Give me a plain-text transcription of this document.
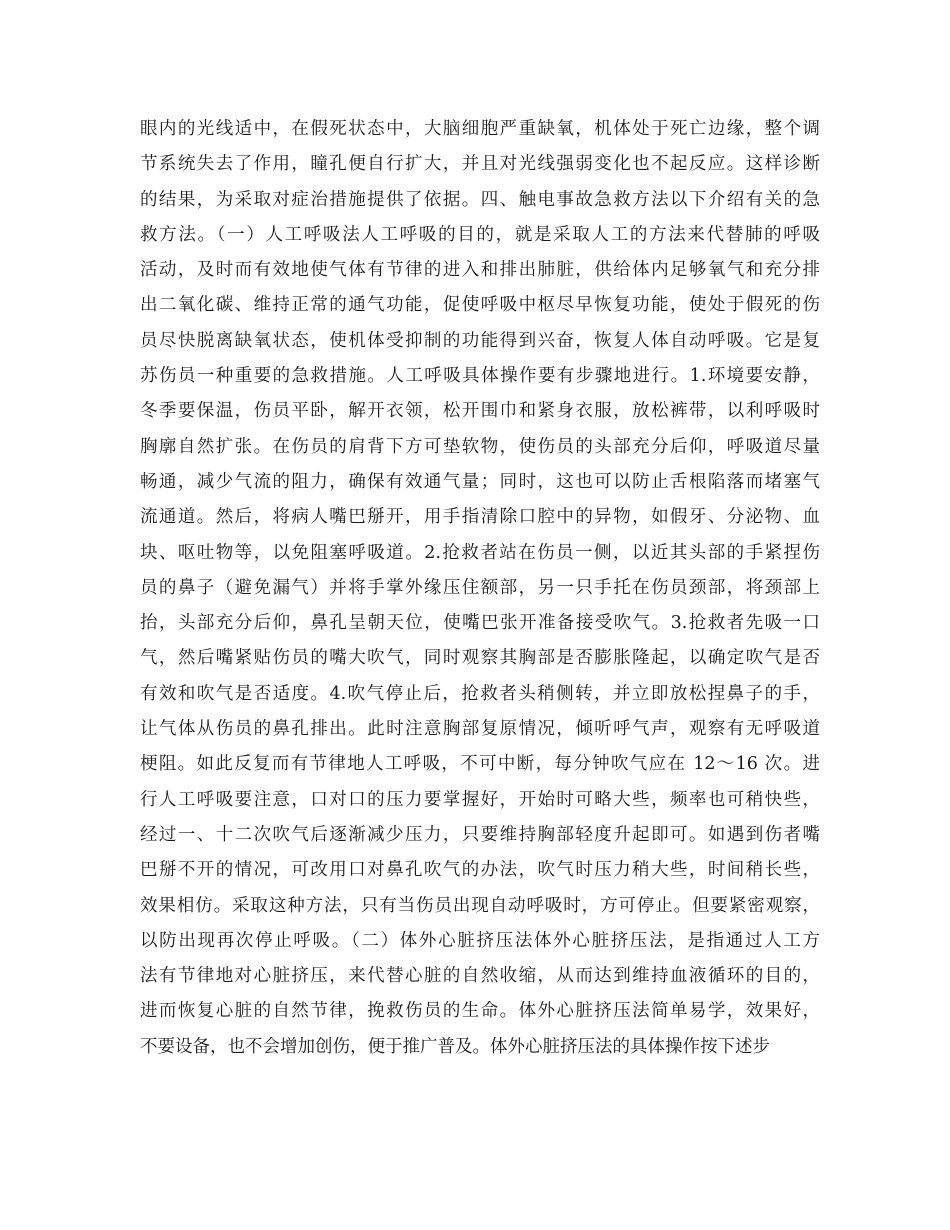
眼内的光线适中，在假死状态中，大脑细胞严重缺氧，机体处于死亡边缘，整个调
节系统失去了作用，瞳孔便自行扩大，并且对光线强弱变化也不起反应。这样诊断
的结果，为采取对症治措施提供了依据。四、触电事故急救方法以下介绍有关的急
救方法。（一）人工呼吸法人工呼吸的目的，就是采取人工的方法来代替肺的呼吸
活动，及时而有效地使气体有节律的进入和排出肺脏，供给体内足够氧气和充分排
出二氧化碳、维持正常的通气功能，促使呼吸中枢尽早恢复功能，使处于假死的伤
员尽快脱离缺氧状态，使机体受抑制的功能得到兴奋，恢复人体自动呼吸。它是复
苏伤员一种重要的急救措施。人工呼吸具体操作要有步骤地进行。1.环境要安静，
冬季要保温，伤员平卧，解开衣领，松开围巾和紧身衣服，放松裤带，以利呼吸时
胸廓自然扩张。在伤员的肩背下方可垫软物，使伤员的头部充分后仰，呼吸道尽量
畅通，减少气流的阻力，确保有效通气量；同时，这也可以防止舌根陷落而堵塞气
流通道。然后，将病人嘴巴掰开，用手指清除口腔中的异物，如假牙、分泌物、血
块、呕吐物等，以免阻塞呼吸道。2.抢救者站在伤员一侧，以近其头部的手紧捏伤
员的鼻子（避免漏气）并将手掌外缘压住额部，另一只手托在伤员颈部，将颈部上
抬，头部充分后仰，鼻孔呈朝天位，使嘴巴张开准备接受吹气。3.抢救者先吸一口
气，然后嘴紧贴伤员的嘴大吹气，同时观察其胸部是否膨胀隆起，以确定吹气是否
有效和吹气是否适度。4.吹气停止后，抢救者头稍侧转，并立即放松捏鼻子的手，
让气体从伤员的鼻孔排出。此时注意胸部复原情况，倾听呼气声，观察有无呼吸道
梗阻。如此反复而有节律地人工呼吸，不可中断，每分钟吹气应在 12～16 次。进
行人工呼吸要注意，口对口的压力要掌握好，开始时可略大些，频率也可稍快些，
经过一、十二次吹气后逐渐减少压力，只要维持胸部轻度升起即可。如遇到伤者嘴
巴掰不开的情况，可改用口对鼻孔吹气的办法，吹气时压力稍大些，时间稍长些，
效果相仿。采取这种方法，只有当伤员出现自动呼吸时，方可停止。但要紧密观察，
以防出现再次停止呼吸。（二）体外心脏挤压法体外心脏挤压法，是指通过人工方
法有节律地对心脏挤压，来代替心脏的自然收缩，从而达到维持血液循环的目的，
进而恢复心脏的自然节律，挽救伤员的生命。体外心脏挤压法简单易学，效果好，
不要设备，也不会增加创伤，便于推广普及。体外心脏挤压法的具体操作按下述步
